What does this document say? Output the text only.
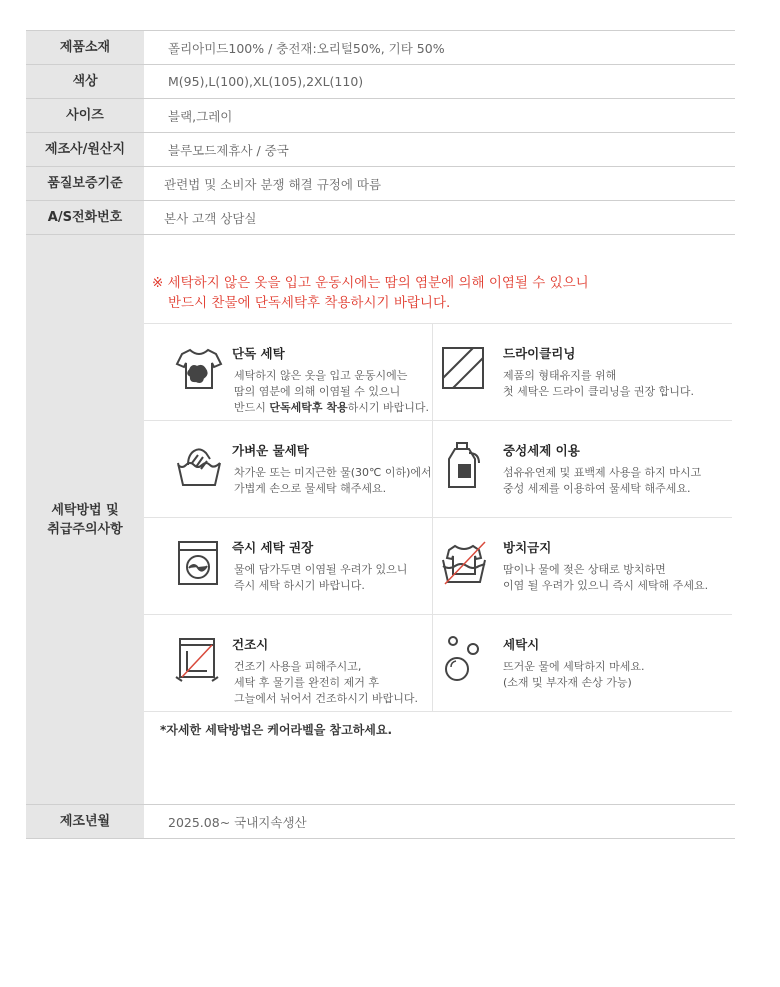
제품소재	폴리아미드100% / 충전재:오리털50%, 기타 50%
색상	M(95),L(100),XL(105),2XL(110)
사이즈	블랙,그레이
제조사/원산지	블루모드제휴사 / 중국
품질보증기준	관련법 및 소비자 분쟁 해결 규정에 따름
A/S전화번호	본사 고객 상담실
세탁방법 및
취급주의사항
※ 세탁하지 않은 옷을 입고 운동시에는 땀의 염분에 의해 이염될 수 있으니
반드시 찬물에 단독세탁후 착용하시기 바랍니다.
단독 세탁
세탁하지 않은 옷을 입고 운동시에는
땀의 염분에 의해 이염될 수 있으니
반드시 단독세탁후 착용하시기 바랍니다.
드라이클리닝
제품의 형태유지를 위해
첫 세탁은 드라이 클리닝을 권장 합니다.
가벼운 물세탁
차가운 또는 미지근한 물(30℃ 이하)에서
가볍게 손으로 물세탁 해주세요.
중성세제 이용
섬유유연제 및 표백제 사용을 하지 마시고
중성 세제를 이용하여 물세탁 해주세요.
즉시 세탁 권장
물에 담가두면 이염될 우려가 있으니
즉시 세탁 하시기 바랍니다.
방치금지
땀이나 물에 젖은 상태로 방치하면
이염 될 우려가 있으니 즉시 세탁해 주세요.
건조시
건조기 사용을 피해주시고,
세탁 후 물기를 완전히 제거 후
그늘에서 뉘어서 건조하시기 바랍니다.
세탁시
뜨거운 물에 세탁하지 마세요.
(소재 및 부자재 손상 가능)
*자세한 세탁방법은 케어라벨을 참고하세요.
제조년월	2025.08~ 국내지속생산
